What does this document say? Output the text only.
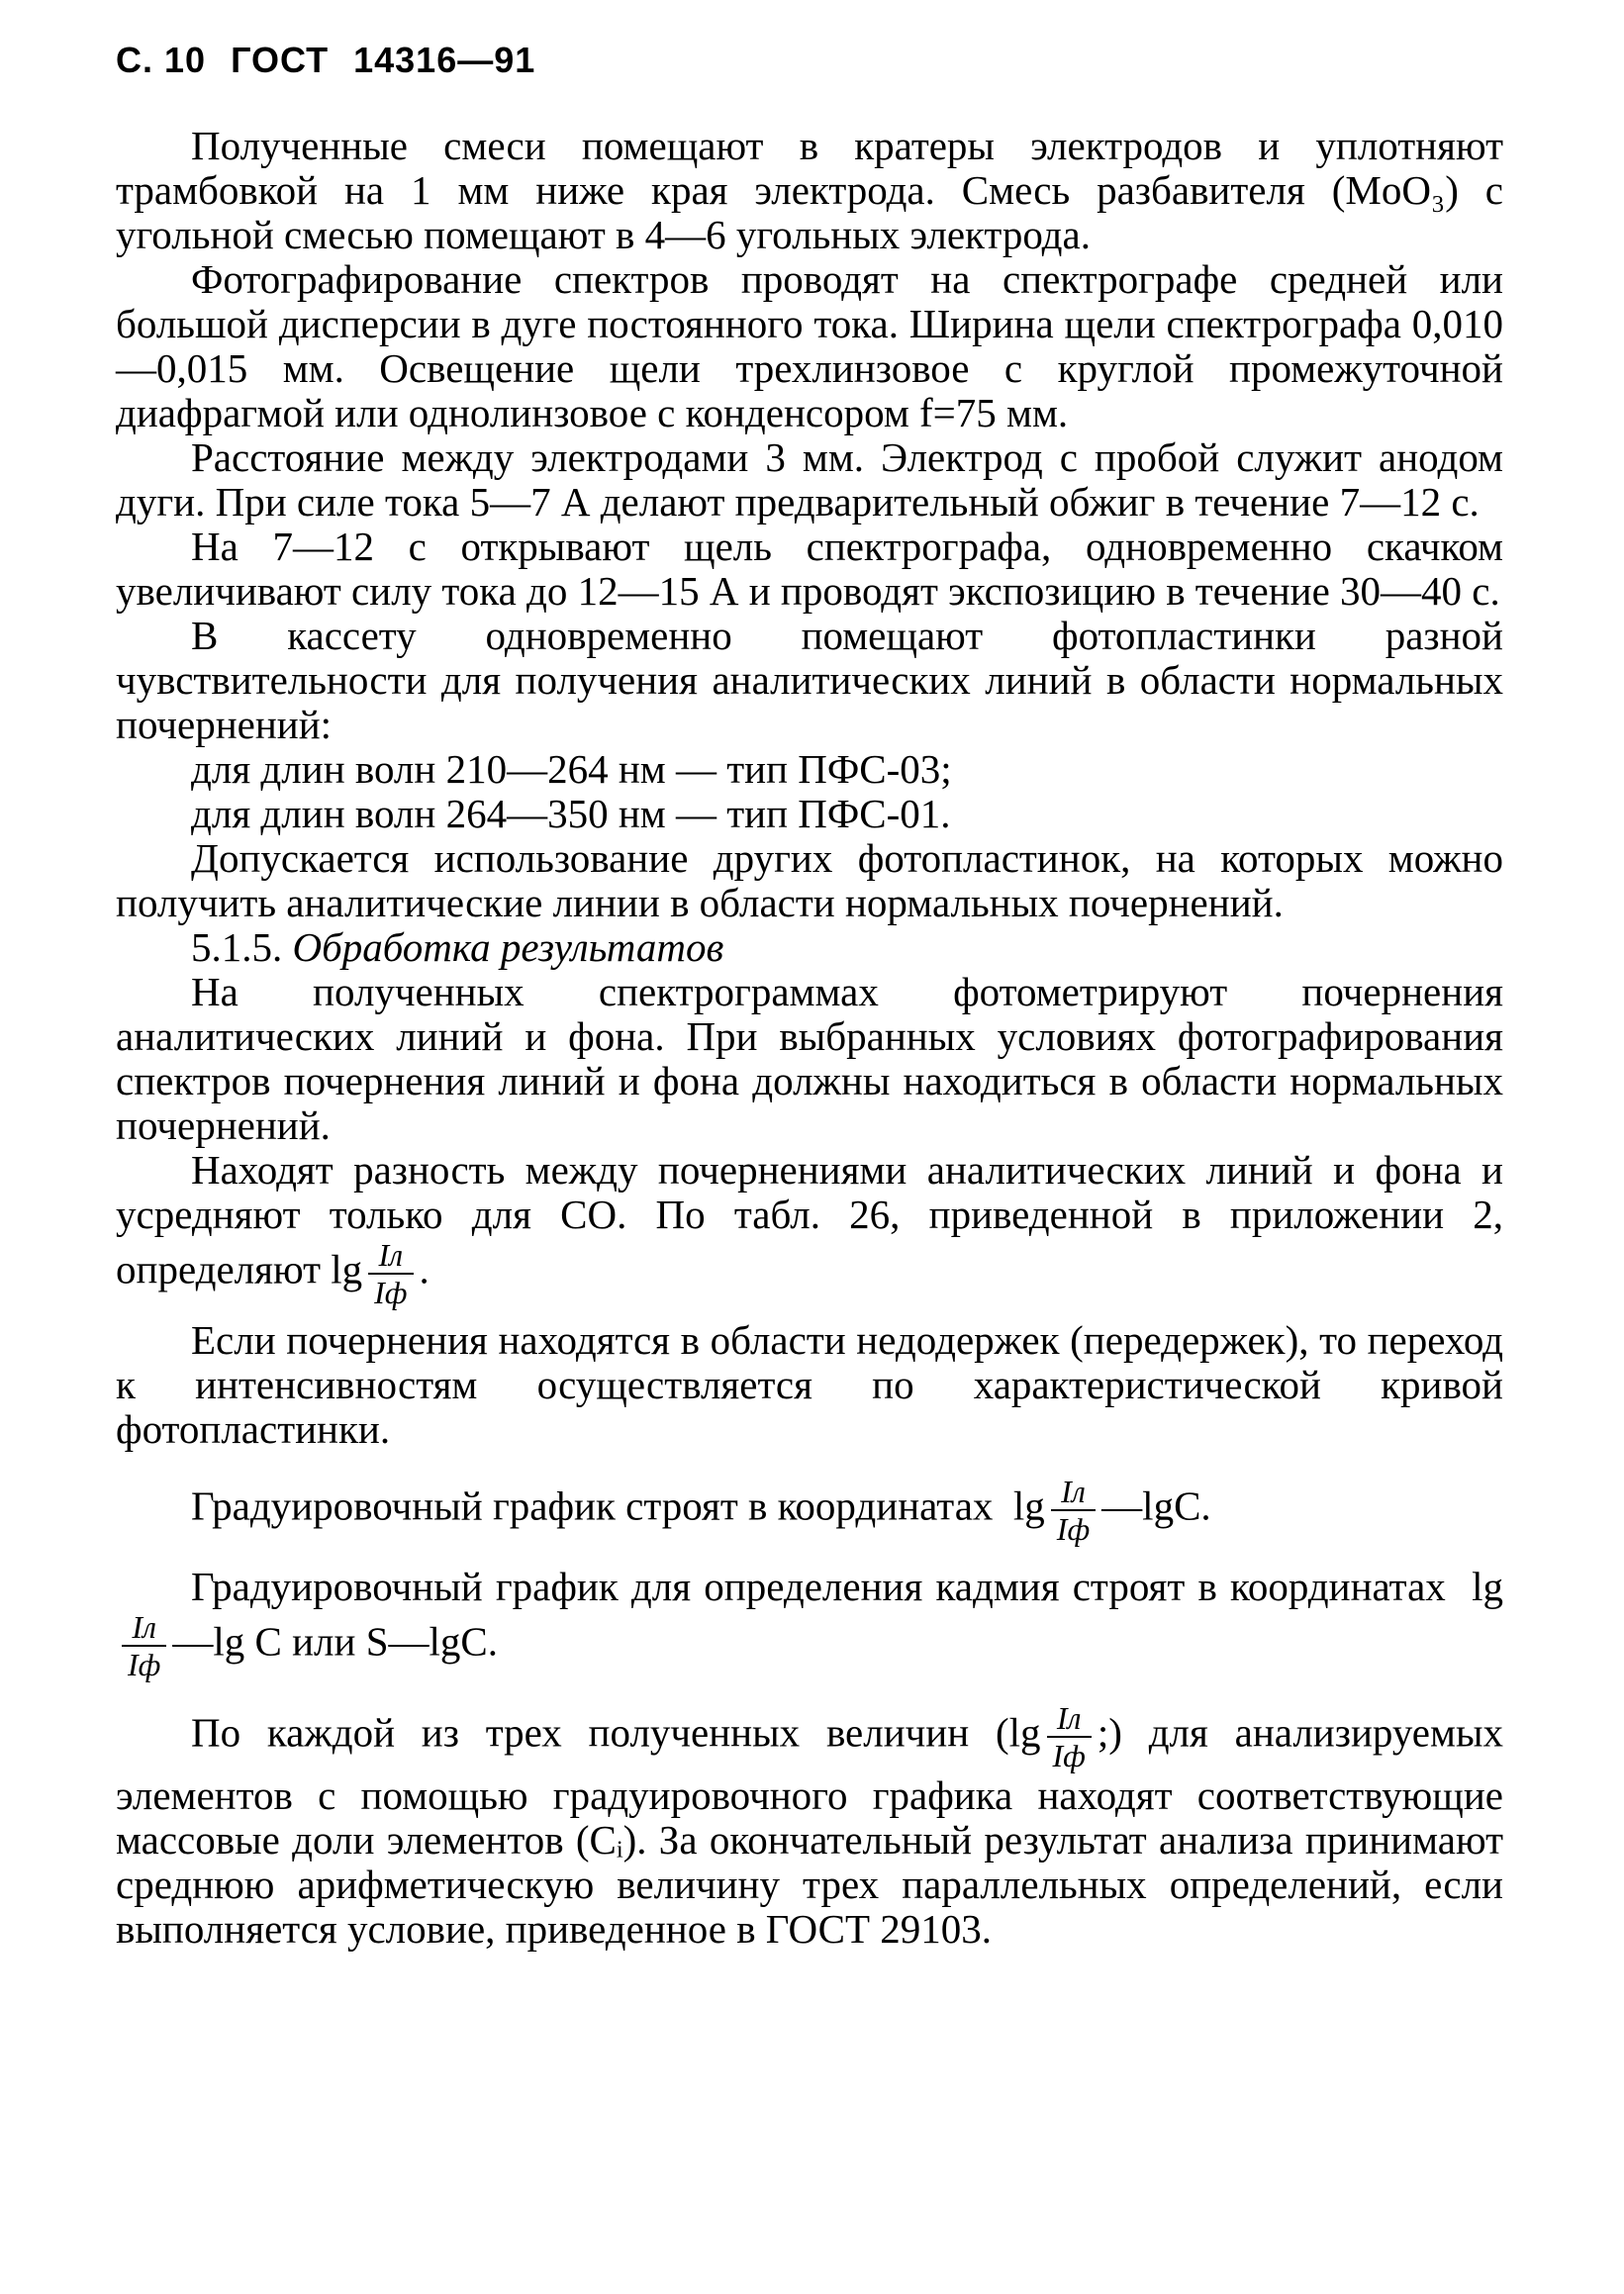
С. 10 ГОСТ 14316—91

Полученные смеси помещают в кратеры электродов и уплотняют трамбовкой на 1 мм ниже края электрода. Смесь разбавителя (MoO₃) с угольной смесью помещают в 4—6 угольных электрода.

Фотографирование спектров проводят на спектрографе средней или большой дисперсии в дуге постоянного тока. Ширина щели спектрографа 0,010—0,015 мм. Освещение щели трехлинзовое с круглой промежуточной диафрагмой или однолинзовое с конденсором f=75 мм.

Расстояние между электродами 3 мм. Электрод с пробой служит анодом дуги. При силе тока 5—7 А делают предварительный обжиг в течение 7—12 с.

На 7—12 с открывают щель спектрографа, одновременно скачком увеличивают силу тока до 12—15 А и проводят экспозицию в течение 30—40 с.

В кассету одновременно помещают фотопластинки разной чувствительности для получения аналитических линий в области нормальных почернений:

для длин волн 210—264 нм — тип ПФС-03;

для длин волн 264—350 нм — тип ПФС-01.

Допускается использование других фотопластинок, на которых можно получить аналитические линии в области нормальных почернений.

5.1.5. Обработка результатов

На полученных спектрограммах фотометрируют почернения аналитических линий и фона. При выбранных условиях фотографирования спектров почернения линий и фона должны находиться в области нормальных почернений.

Находят разность между почернениями аналитических линий и фона и усредняют только для СО. По табл. 26, приведенной в приложении 2, определяют $\lg \frac{Iл}{Iф}$ .

Если почернения находятся в области недодержек (передержек), то переход к интенсивностям осуществляется по характеристической кривой фотопластинки.

Градуировочный график строят в координатах $\lg \frac{Iл}{Iф}$ —lgC.

Градуировочный график для определения кадмия строят в координатах lg
$\frac{Iл}{Iф}$ —lg C или S—lgC.

По каждой из трех полученных величин ($\lg \frac{Iл}{Iф}$ ;) для анализируемых элементов с помощью градуировочного графика находят соответствующие массовые доли элементов (Cᵢ). За окончательный результат анализа принимают среднюю арифметическую величину трех параллельных определений, если выполняется условие, приведенное в ГОСТ 29103.
